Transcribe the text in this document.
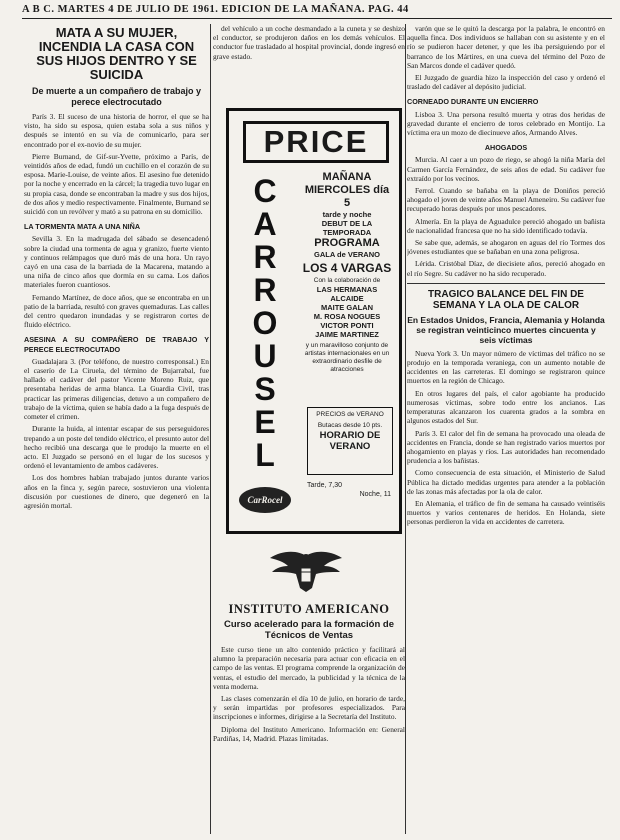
A B C. MARTES 4 DE JULIO DE 1961. EDICION DE LA MAÑANA. PAG. 44
MATA A SU MUJER, INCENDIA LA CASA CON SUS HIJOS DENTRO Y SE SUICIDA
De muerte a un compañero de trabajo y perece electrocutado

París 3. El suceso de una historia de horror, el que se ha visto, ha sido su esposa, quien estaba sola a sus niños y después se intentó en su vía de comunicarlo, para ser encontrado por el ex-novio de su mujer.

Pierre Burnand, de Gif-sur-Yvette, próximo a París, de veintidós años de edad, fundó un cuchillo en el corazón de su esposa. Marie-Louise, de veinte años. El asesino fue detenido por la noche y encerrado en la cárcel; la tragedia tuvo lugar en su propia casa, donde se encontraban la madre y sus dos hijos, de dos años y medio respectivamente. Finalmente, Burnand se suicidó con un revólver y mató a su patrona en su domicilio.

LA TORMENTA MATA A UNA NIÑA

Sevilla 3. En la madrugada del sábado se desencadenó sobre la ciudad una tormenta de agua y granizo, fuerte viento y continuos relámpagos que duró más de una hora. Un rayo cayó en una casa de la barriada de la Macarena, matando a una niña de cinco años que dormía en su cama. Los daños materiales fueron cuantiosos.

Fernando Martínez, de doce años, que se encontraba en un patio de la barriada, resultó con graves quemaduras. Las calles del centro quedaron inundadas y se registraron cortes de fluido eléctrico.

ASESINA A SU COMPAÑERO DE TRABAJO Y PERECE ELECTROCUTADO

Guadalajara 3. (Por teléfono, de nuestro corresponsal.) En el caserío de La Ciruela, del término de Bujarrabal, fue hallado el cadáver del pastor Vicente Moreno Ruiz, que presentaba heridas de arma blanca. La Guardia Civil, tras practicar las primeras diligencias, detuvo a un compañero de trabajo de la víctima, quien se había dado a la fuga después de cometer el crimen.

Durante la huida, al intentar escapar de sus perseguidores trepando a un poste del tendido eléctrico, el presunto autor del hecho recibió una descarga que le produjo la muerte en el acto. El Juzgado se personó en el lugar de los sucesos y ordenó el levantamiento de ambos cadáveres.

Los dos hombres habían trabajado juntos durante varios años en la finca y, según parece, sostuvieron una violenta discusión por cuestiones de dinero, que degeneró en la agresión mortal.

del vehículo a un coche desmandado a la cuneta y se deshizo el conductor, se produjeron daños en los demás vehículos. El conductor fue trasladado al hospital provincial, donde ingresó en grave estado.

PRICE
C
A
R
R
O
U
S
E
L
CarRocel
MAÑANA MIERCOLES día 5
tarde y noche
DEBUT DE LA TEMPORADA
PROGRAMA
GALA de VERANO
LOS 4 VARGAS
Con la colaboración de
LAS HERMANAS ALCAIDE
MAITE GALAN
M. ROSA NOGUES
VICTOR PONTI
JAIME MARTINEZ
y un maravilloso conjunto de artistas internacionales en un extraordinario desfile de atracciones
PRECIOS de VERANO
Butacas desde 10 pts.
HORARIO DE VERANO
Tarde, 7,30
Noche, 11
INSTITUTO AMERICANO
Curso acelerado para la formación de Técnicos de Ventas

Este curso tiene un alto contenido práctico y facilitará al alumno la preparación necesaria para actuar con eficacia en el campo de las ventas. El programa comprende la organización de ventas, el estudio del mercado, la publicidad y la técnica de la venta moderna.

Las clases comenzarán el día 10 de julio, en horario de tarde, y serán impartidas por profesores especializados. Para inscripciones e informes, dirigirse a la Secretaría del Instituto.

Diploma del Instituto Americano. Información en: General Pardiñas, 14, Madrid. Plazas limitadas.

varón que se le quitó la descarga por la palabra, le encontró en aquella finca. Dos individuos se hallaban con su asistente y en el río se pudieron hacer detener, y que les iba persiguiendo por el barranco de los Mártires, en una cueva del término del Pozo de San Marcos donde el cadáver quedó.

El Juzgado de guardia hizo la inspección del caso y ordenó el traslado del cadáver al depósito judicial.

CORNEADO DURANTE UN ENCIERRO

Lisboa 3. Una persona resultó muerta y otras dos heridas de gravedad durante el encierro de toros celebrado en Montijo. La víctima era un mozo de diecinueve años, Armando Alves.

AHOGADOS

Murcia. Al caer a un pozo de riego, se ahogó la niña María del Carmen García Fernández, de seis años de edad. Su cadáver fue extraído por los vecinos.

Ferrol. Cuando se bañaba en la playa de Doniños pereció ahogado el joven de veinte años Manuel Ameneiro. Su cadáver fue recuperado horas después por unos pescadores.

Almería. En la playa de Aguadulce pereció ahogado un bañista de nacionalidad francesa que no ha sido identificado todavía.

Se sabe que, además, se ahogaron en aguas del río Tormes dos jóvenes estudiantes que se bañaban en una zona peligrosa.

Lérida. Cristóbal Díaz, de diecisiete años, pereció ahogado en el río Segre. Su cadáver no ha sido recuperado.

TRAGICO BALANCE DEL FIN DE SEMANA Y LA OLA DE CALOR
En Estados Unidos, Francia, Alemania y Holanda se registran veinticinco muertes cincuenta y seis víctimas

Nueva York 3. Un mayor número de víctimas del tráfico no se produjo en la temporada veraniega, con un aumento notable de accidentes en las carreteras. El domingo se registraron quince muertos en la región de Chicago.

En otros lugares del país, el calor agobiante ha producido numerosas víctimas, sobre todo entre los ancianos. Las temperaturas alcanzaron los cuarenta grados a la sombra en algunos estados del Sur.

París 3. El calor del fin de semana ha provocado una oleada de accidentes en Francia, donde se han registrado varios muertos por ahogamiento en playas y ríos. Las autoridades han recomendado prudencia a los bañistas.

Como consecuencia de esta situación, el Ministerio de Salud Pública ha dictado medidas urgentes para atender a la población de las zonas más afectadas por la ola de calor.

En Alemania, el tráfico de fin de semana ha causado veintiséis muertos y varios centenares de heridos. En Holanda, siete personas perdieron la vida en accidentes de carretera.
